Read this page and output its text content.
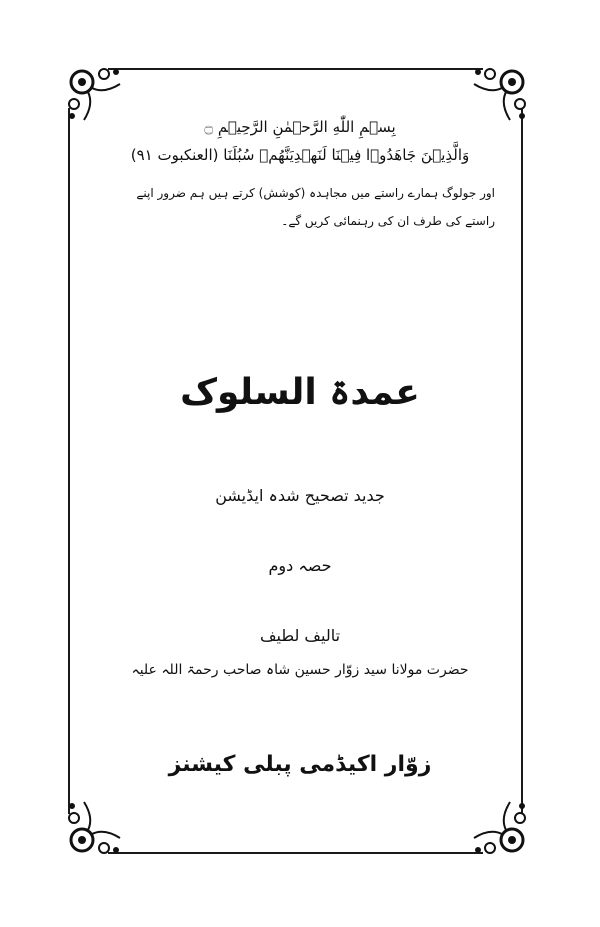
بِسۡمِ اللّٰهِ الرَّحۡمٰنِ الرَّحِيۡمِ ۝
وَالَّذِيۡنَ جَاهَدُوۡا فِيۡنَا لَنَهۡدِيَنَّهُمۡ سُبُلَنَا (العنکبوت ۹۱)
اور جولوگ ہمارے راستے میں مجاہدہ (کوشش) کرتے ہیں ہم ضرور اپنے
راستے کی طرف ان کی رہنمائی کریں گے۔
عمدۃ السلوک
جدید تصحیح شدہ ایڈیشن
حصہ دوم
تالیف لطیف
حضرت مولانا سید زوّار حسین شاہ صاحب رحمۃ اللہ علیہ
زوّار اکیڈمی پبلی کیشنز
